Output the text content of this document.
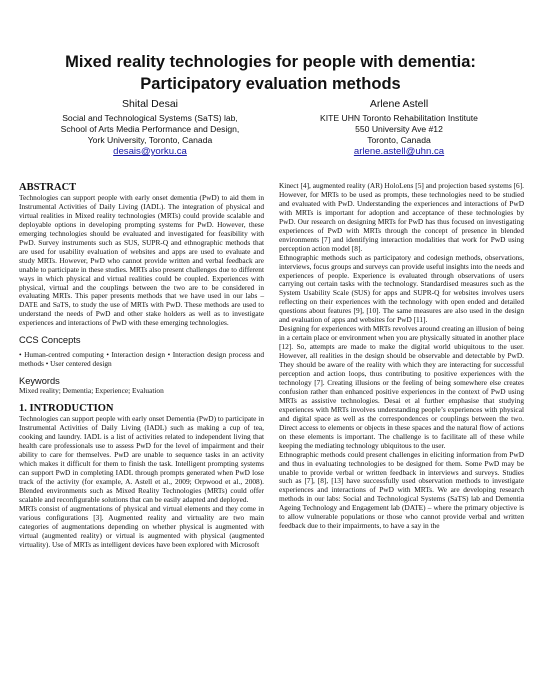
Mixed reality technologies for people with dementia:
Participatory evaluation methods
Shital Desai
Social and Technological Systems (SaTS) lab,
School of Arts Media Performance and Design,
York University, Toronto, Canada
desais@yorku.ca
Arlene Astell
KITE UHN Toronto Rehabilitation Institute
550 University Ave #12
Toronto, Canada
arlene.astell@uhn.ca
ABSTRACT

Technologies can support people with early onset dementia (PwD) to aid them in Instrumental Activities of Daily Living (IADL). The integration of physical and virtual realities in Mixed reality technologies (MRTs) could provide scalable and deployable options in developing prompting systems for PwD. However, these emerging technologies should be evaluated and investigated for feasibility with PwD. Survey instruments such as SUS, SUPR-Q and ethnographic methods that are used for usability evaluation of websites and apps are used to evaluate and study MRTs. However, PwD who cannot provide written and verbal feedback are unable to participate in these studies. MRTs also present challenges due to different ways in which physical and virtual realities could be coupled. Experiences with physical, virtual and the couplings between the two are to be considered in evaluating MRTs. This paper presents methods that we have used in our labs – DATE and SaTS, to study the use of MRTs with PwD. These methods are used to understand the needs of PwD and other stake holders as well as to investigate experiences and interactions of PwD with these emerging technologies.

CCS Concepts

• Human-centred computing • Interaction design • Interaction design process and methods • User centered design

Keywords

Mixed reality; Dementia; Experience; Evaluation

1. INTRODUCTION

Technologies can support people with early onset Dementia (PwD) to participate in Instrumental Activities of Daily Living (IADL) such as making a cup of tea, cooking and laundry. IADL is a list of activities related to independent living that health care professionals use to assess PwD for the level of impairment and their ability to care for themselves. PwD are unable to sequence tasks in an activity which makes it difficult for them to finish the task. Intelligent prompting systems can support PwD in completing IADL through prompts generated when PwD lose track of the activity (for example, A. Astell et al., 2009; Orpwood et al., 2008). Blended environments such as Mixed Reality Technologies (MRTs) could offer scalable and reconfigurable solutions that can be easily adapted and deployed.

MRTs consist of augmentations of physical and virtual elements and they come in various configurations [3]. Augmented reality and virtuality are two main categories of augmentations depending on whether physical is augmented with virtual (augmented reality) or virtual is augmented with physical (augmented virtuality). Use of MRTs as intelligent devices have been explored with Microsoft

Kinect [4], augmented reality (AR) HoloLens [5] and projection based systems [6]. However, for MRTs to be used as prompts, these technologies need to be studied and evaluated with PwD. Understanding the experiences and interactions of PwD with MRTs is important for adoption and acceptance of these technologies by PwD. Our research on designing MRTs for PwD has thus focused on investigating experiences of PwD with MRTs through the concept of presence in blended environments [7] and identifying interaction modalities that work for PwD using perception action model [8].

Ethnographic methods such as participatory and codesign methods, observations, interviews, focus groups and surveys can provide useful insights into the needs and experiences of people. Experience is evaluated through observations of users carrying out certain tasks with the technology. Standardised measures such as the System Usability Scale (SUS) for apps and SUPR-Q for websites involves users reflecting on their experiences with the technology with open ended and detailed questions about features [9], [10]. The same measures are also used in the design and evaluation of apps and websites for PwD [11].

Designing for experiences with MRTs revolves around creating an illusion of being in a certain place or environment when you are physically situated in another place [12]. So, attempts are made to make the digital world ubiquitous to the user. However, all realities in the design should be observable and detectable by PwD. They should be aware of the reality with which they are interacting for successful perception and action loops, thus contributing to positive experiences with the technology [7]. Creating illusions or the feeling of being somewhere else creates confusion rather than enhanced positive experiences in the context of PwD using MRTs as assistive technologies. Desai et al further emphasise that studying experiences with MRTs involves understanding people’s experiences with physical and digital space as well as the correspondences or couplings between the two. Direct access to elements or objects in these spaces and the natural flow of actions on these elements is important. The challenge is to facilitate all of these while keeping the mediating technology ubiquitous to the user.

Ethnographic methods could present challenges in eliciting information from PwD and thus in evaluating technologies to be designed for them. Some PwD may be unable to provide verbal or written feedback in interviews and surveys. Studies such as [7], [8], [13] have successfully used observation methods to investigate experiences and interactions of PwD with MRTs. We are developing research methods in our labs: Social and Technological Systems (SaTS) lab and Dementia Ageing Technology and Engagement lab (DATE) – where the primary objective is to allow vulnerable populations or those who cannot provide verbal and written feedback due to their impairments, to have a say in the
